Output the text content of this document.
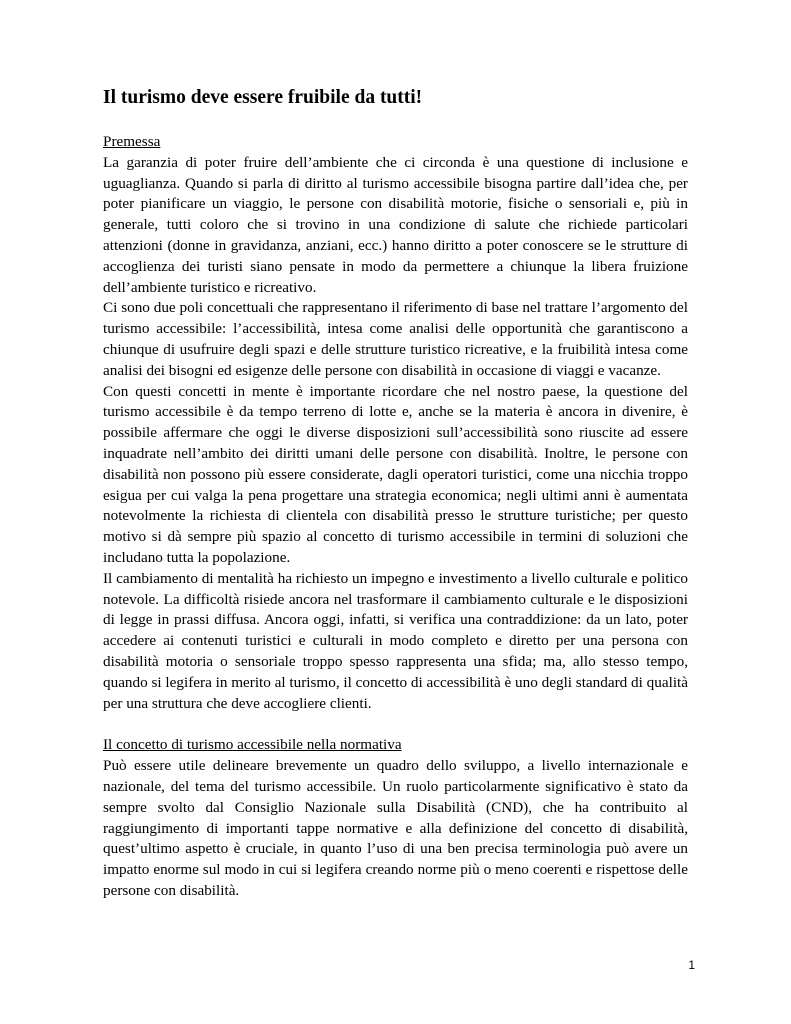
Il turismo deve essere fruibile da tutti!

Premessa

La garanzia di poter fruire dell’ambiente che ci circonda è una questione di inclusione e uguaglianza. Quando si parla di diritto al turismo accessibile bisogna partire dall’idea che, per poter pianificare un viaggio, le persone con disabilità motorie, fisiche o sensoriali e, più in generale, tutti coloro che si trovino in una condizione di salute che richiede particolari attenzioni (donne in gravidanza, anziani, ecc.) hanno diritto a poter conoscere se le strutture di accoglienza dei turisti siano pensate in modo da permettere a chiunque la libera fruizione dell’ambiente turistico e ricreativo.

Ci sono due poli concettuali che rappresentano il riferimento di base nel trattare l’argomento del turismo accessibile: l’accessibilità, intesa come analisi delle opportunità che garantiscono a chiunque di usufruire degli spazi e delle strutture turistico ricreative, e la fruibilità intesa come analisi dei bisogni ed esigenze delle persone con disabilità in occasione di viaggi e vacanze.

Con questi concetti in mente è importante ricordare che nel nostro paese, la questione del turismo accessibile è da tempo terreno di lotte e, anche se la materia è ancora in divenire, è possibile affermare che oggi le diverse disposizioni sull’accessibilità sono riuscite ad essere inquadrate nell’ambito dei diritti umani delle persone con disabilità. Inoltre, le persone con disabilità non possono più essere considerate, dagli operatori turistici, come una nicchia troppo esigua per cui valga la pena progettare una strategia economica; negli ultimi anni è aumentata notevolmente la richiesta di clientela con disabilità presso le strutture turistiche; per questo motivo si dà sempre più spazio al concetto di turismo accessibile in termini di soluzioni che includano tutta la popolazione.

Il cambiamento di mentalità ha richiesto un impegno e investimento a livello culturale e politico notevole. La difficoltà risiede ancora nel trasformare il cambiamento culturale e le disposizioni di legge in prassi diffusa. Ancora oggi, infatti, si verifica una contraddizione: da un lato, poter accedere ai contenuti turistici e culturali in modo completo e diretto per una persona con disabilità motoria o sensoriale troppo spesso rappresenta una sfida; ma, allo stesso tempo, quando si legifera in merito al turismo, il concetto di accessibilità è uno degli standard di qualità per una struttura che deve accogliere clienti.

Il concetto di turismo accessibile nella normativa

Può essere utile delineare brevemente un quadro dello sviluppo, a livello internazionale e nazionale, del tema del turismo accessibile. Un ruolo particolarmente significativo è stato da sempre svolto dal Consiglio Nazionale sulla Disabilità (CND), che ha contribuito al raggiungimento di importanti tappe normative e alla definizione del concetto di disabilità, quest’ultimo aspetto è cruciale, in quanto l’uso di una ben precisa terminologia può avere un impatto enorme sul modo in cui si legifera creando norme più o meno coerenti e rispettose delle persone con disabilità.

1
